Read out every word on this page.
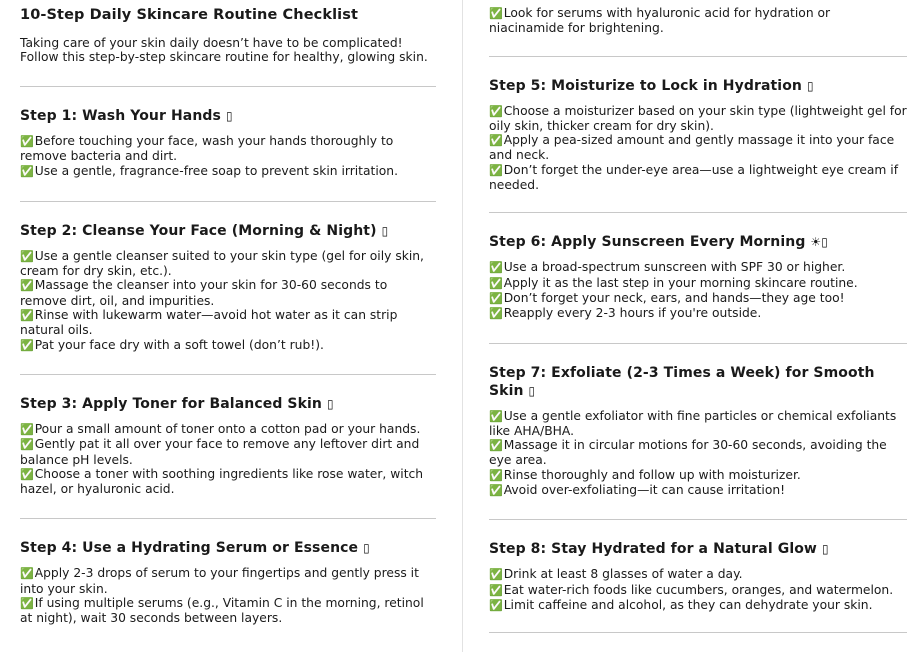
10-Step Daily Skincare Routine Checklist

Taking care of your skin daily doesn’t have to be complicated! Follow this step-by-step skincare routine for healthy, glowing skin.

Step 1: Wash Your Hands ▯
✅Before touching your face, wash your hands thoroughly to remove bacteria and dirt.
✅Use a gentle, fragrance-free soap to prevent skin irritation.
Step 2: Cleanse Your Face (Morning & Night) ▯
✅Use a gentle cleanser suited to your skin type (gel for oily skin, cream for dry skin, etc.).
✅Massage the cleanser into your skin for 30-60 seconds to remove dirt, oil, and impurities.
✅Rinse with lukewarm water—avoid hot water as it can strip natural oils.
✅Pat your face dry with a soft towel (don’t rub!).
Step 3: Apply Toner for Balanced Skin ▯
✅Pour a small amount of toner onto a cotton pad or your hands.
✅Gently pat it all over your face to remove any leftover dirt and balance pH levels.
✅Choose a toner with soothing ingredients like rose water, witch hazel, or hyaluronic acid.
Step 4: Use a Hydrating Serum or Essence ▯
✅Apply 2-3 drops of serum to your fingertips and gently press it into your skin.
✅If using multiple serums (e.g., Vitamin C in the morning, retinol at night), wait 30 seconds between layers.
✅Look for serums with hyaluronic acid for hydration or niacinamide for brightening.
Step 5: Moisturize to Lock in Hydration ▯
✅Choose a moisturizer based on your skin type (lightweight gel for oily skin, thicker cream for dry skin).
✅Apply a pea-sized amount and gently massage it into your face and neck.
✅Don’t forget the under-eye area—use a lightweight eye cream if needed.
Step 6: Apply Sunscreen Every Morning ☀▯
✅Use a broad-spectrum sunscreen with SPF 30 or higher.
✅Apply it as the last step in your morning skincare routine.
✅Don’t forget your neck, ears, and hands—they age too!
✅Reapply every 2-3 hours if you're outside.
Step 7: Exfoliate (2-3 Times a Week) for Smooth Skin ▯
✅Use a gentle exfoliator with fine particles or chemical exfoliants like AHA/BHA.
✅Massage it in circular motions for 30-60 seconds, avoiding the eye area.
✅Rinse thoroughly and follow up with moisturizer.
✅Avoid over-exfoliating—it can cause irritation!
Step 8: Stay Hydrated for a Natural Glow ▯
✅Drink at least 8 glasses of water a day.
✅Eat water-rich foods like cucumbers, oranges, and watermelon.
✅Limit caffeine and alcohol, as they can dehydrate your skin.
